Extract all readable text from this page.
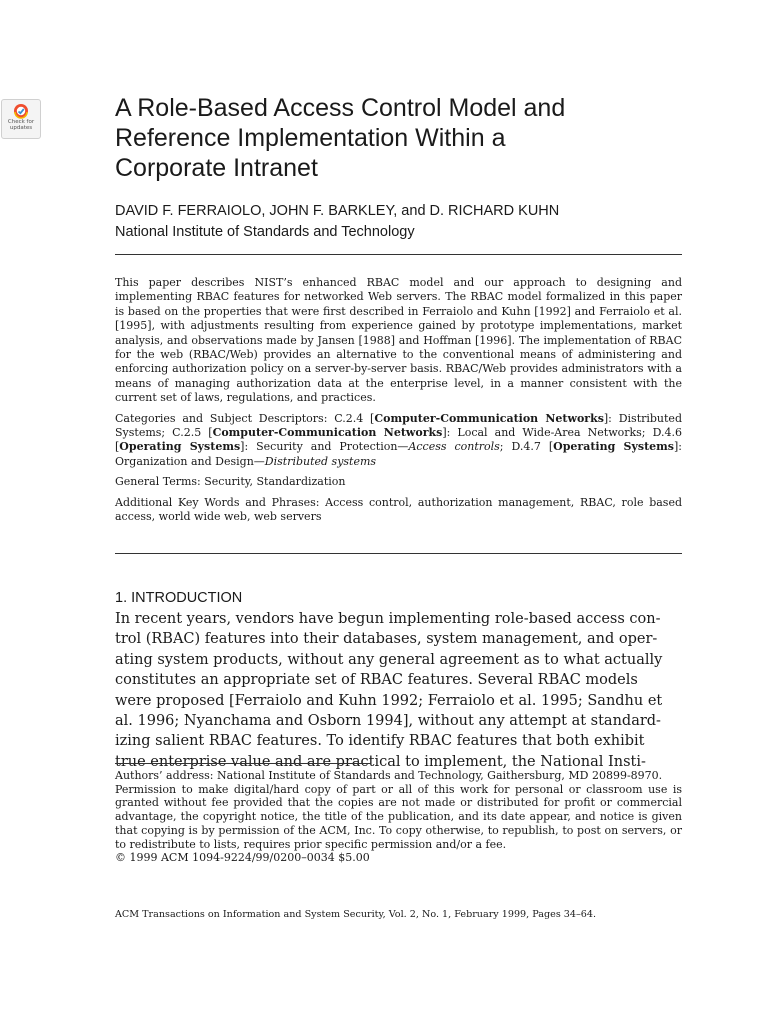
Check for
updates
A Role-Based Access Control Model and
Reference Implementation Within a
Corporate Intranet
DAVID F. FERRAIOLO, JOHN F. BARKLEY, and D. RICHARD KUHN
National Institute of Standards and Technology

This paper describes NIST’s enhanced RBAC model and our approach to designing and implementing RBAC features for networked Web servers. The RBAC model formalized in this paper is based on the properties that were first described in Ferraiolo and Kuhn [1992] and Ferraiolo et al. [1995], with adjustments resulting from experience gained by prototype implementations, market analysis, and observations made by Jansen [1988] and Hoffman [1996]. The implementation of RBAC for the web (RBAC/Web) provides an alternative to the conventional means of administering and enforcing authorization policy on a server-by-server basis. RBAC/Web provides administrators with a means of managing authorization data at the enterprise level, in a manner consistent with the current set of laws, regulations, and practices.

Categories and Subject Descriptors: C.2.4 [Computer-Communication Networks]: Distributed Systems; C.2.5 [Computer-Communication Networks]: Local and Wide-Area Networks; D.4.6 [Operating Systems]: Security and Protection—Access controls; D.4.7 [Operating Systems]: Organization and Design—Distributed systems

General Terms: Security, Standardization

Additional Key Words and Phrases: Access control, authorization management, RBAC, role based access, world wide web, web servers

1. INTRODUCTION
In recent years, vendors have begun implementing role-based access con-
trol (RBAC) features into their databases, system management, and oper-
ating system products, without any general agreement as to what actually
constitutes an appropriate set of RBAC features. Several RBAC models
were proposed [Ferraiolo and Kuhn 1992; Ferraiolo et al. 1995; Sandhu et
al. 1996; Nyanchama and Osborn 1994], without any attempt at standard-
izing salient RBAC features. To identify RBAC features that both exhibit
true enterprise value and are practical to implement, the National Insti-

Authors’ address: National Institute of Standards and Technology, Gaithersburg, MD 20899-8970.

Permission to make digital/hard copy of part or all of this work for personal or classroom use is granted without fee provided that the copies are not made or distributed for profit or commercial advantage, the copyright notice, the title of the publication, and its date appear, and notice is given that copying is by permission of the ACM, Inc. To copy otherwise, to republish, to post on servers, or to redistribute to lists, requires prior specific permission and/or a fee.

© 1999 ACM 1094-9224/99/0200–0034 $5.00

ACM Transactions on Information and System Security, Vol. 2, No. 1, February 1999, Pages 34–64.
